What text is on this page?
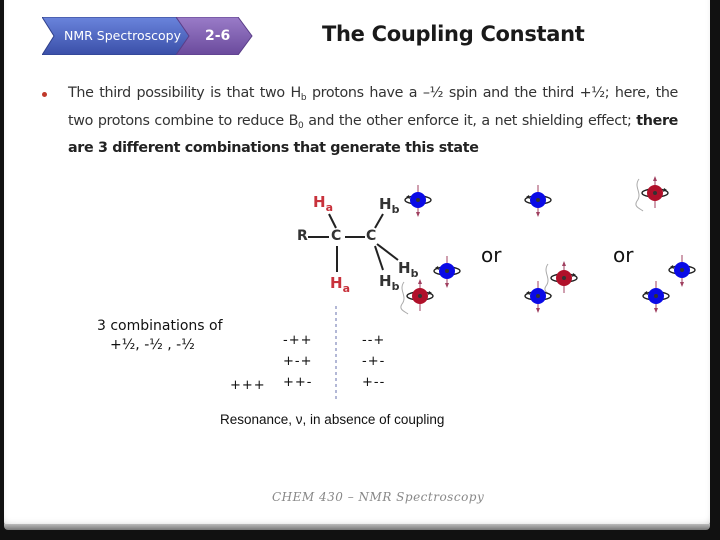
NMR Spectroscopy 2-6	The Coupling Constant
The third possibility is that two $H_b$ protons have a –½ spin and the third +½; here, the two protons combine to reduce $B_0$ and the other enforce it, a net shielding effect; there are 3 different combinations that generate this state
R C C
$H_a$
$H_a$
$H_b$
$H_b$
$H_b$
or	or
3 combinations of
+½, -½ , -½
+++
-++
+-+
++-
--+
-+-
+--
Resonance, ν, in absence of coupling
CHEM 430 – NMR Spectroscopy
